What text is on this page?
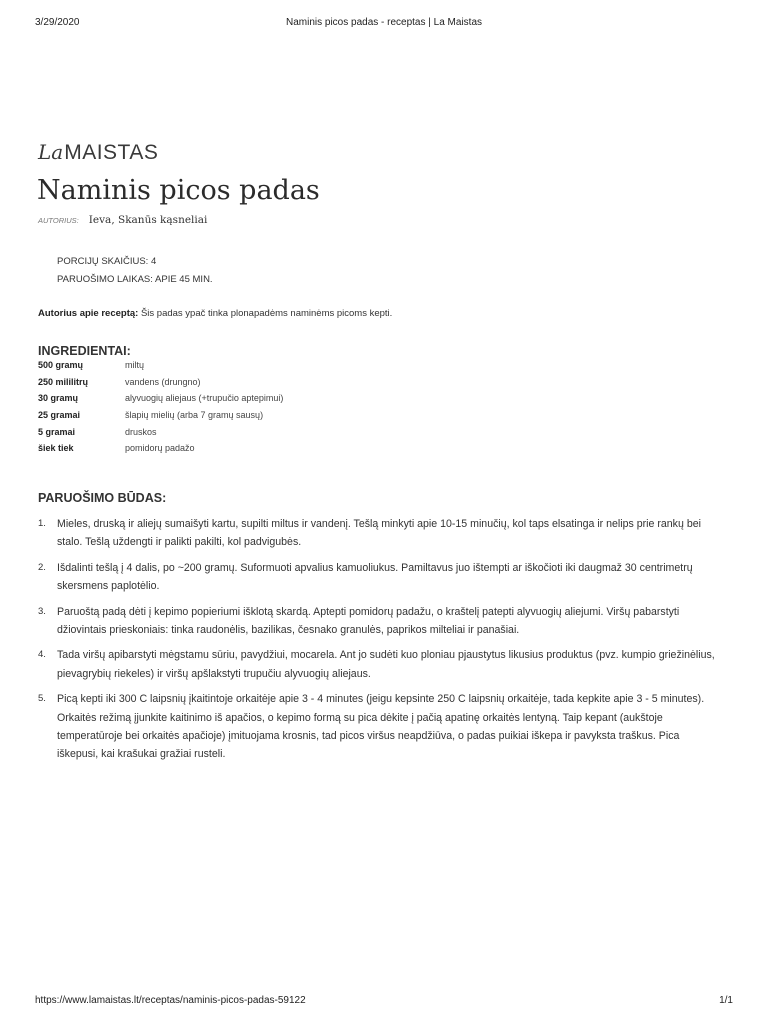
3/29/2020	Naminis picos padas - receptas | La Maistas
La MAISTAS
Naminis picos padas
AUTORIUS: Ieva, Skanūs kąsneliai
PORCIJŲ SKAIČIUS: 4
PARUOŠIMO LAIKAS: APIE 45 MIN.
Autorius apie receptą: Šis padas ypač tinka plonapadėms naminėms picoms kepti.
INGREDIENTAI:
500 gramų	miltų
250 mililitrų	vandens (drungno)
30 gramų	alyvuogių aliejaus (+trupučio aptepimui)
25 gramai	šlapių mielių (arba 7 gramų sausų)
5 gramai	druskos
šiek tiek	pomidorų padažo
PARUOŠIMO BŪDAS:
1. Mieles, druską ir aliejų sumaišyti kartu, supilti miltus ir vandenį. Tešlą minkyti apie 10-15 minučių, kol taps elsatinga ir nelips prie rankų bei stalo. Tešlą uždengti ir palikti pakilti, kol padvigubės.
2. Išdalinti tešlą į 4 dalis, po ~200 gramų. Suformuoti apvalius kamuoliukus. Pamiltavus juo ištempti ar iškočioti iki daugmaž 30 centrimetrų skersmens paplotėlio.
3. Paruoštą padą dėti į kepimo popieriumi išklotą skardą. Aptepti pomidorų padažu, o kraštelį patepti alyvuogių aliejumi. Viršų pabarstyti džiovintais prieskoniais: tinka raudonėlis, bazilikas, česnako granulės, paprikos milteliai ir panašiai.
4. Tada viršų apibarstyti mėgstamu sūriu, pavydžiui, mocarela. Ant jo sudėti kuo ploniau pjaustytus likusius produktus (pvz. kumpio griežinėlius, pievagrybių riekeles) ir viršų apšlakstyti trupučiu alyvuogių aliejaus.
5. Picą kepti iki 300 C laipsnių įkaitintoje orkaitėje apie 3 - 4 minutes (jeigu kepsinte 250 C laipsnių orkaitėje, tada kepkite apie 3 - 5 minutes). Orkaitės režimą įjunkite kaitinimo iš apačios, o kepimo formą su pica dėkite į pačią apatinę orkaitės lentyną. Taip kepant (aukštoje temperatūroje bei orkaitės apačioje) įmituojama krosnis, tad picos viršus neapdžiūva, o padas puikiai iškepa ir pavyksta traškus. Pica iškepusi, kai krašukai gražiai rusteli.
https://www.lamaistas.lt/receptas/naminis-picos-padas-59122	1/1
